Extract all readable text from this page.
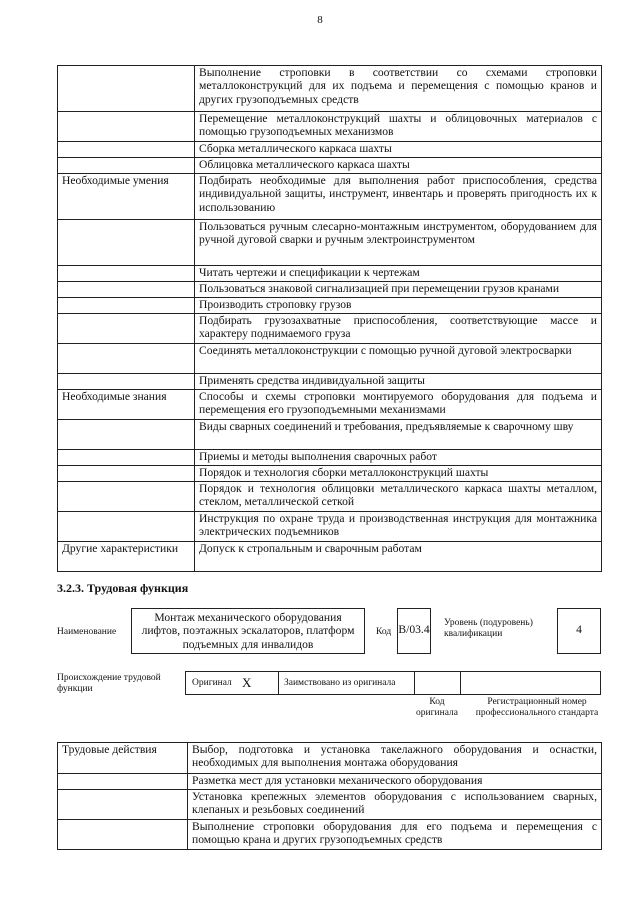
8
	Выполнение строповки в соответствии со схемами строповки металлоконструкций для их подъема и перемещения с помощью кранов и других грузоподъемных средств
	Перемещение металлоконструкций шахты и облицовочных материалов с помощью грузоподъемных механизмов
	Сборка металлического каркаса шахты
	Облицовка металлического каркаса шахты
Необходимые умения	Подбирать необходимые для выполнения работ приспособления, средства индивидуальной защиты, инструмент, инвентарь и проверять пригодность их к использованию
	Пользоваться ручным слесарно-монтажным инструментом, оборудованием для ручной дуговой сварки и ручным электроинструментом
	Читать чертежи и спецификации к чертежам
	Пользоваться знаковой сигнализацией при перемещении грузов кранами
	Производить строповку грузов
	Подбирать грузозахватные приспособления, соответствующие массе и характеру поднимаемого груза
	Соединять металлоконструкции с помощью ручной дуговой электросварки
	Применять средства индивидуальной защиты
Необходимые знания	Способы и схемы строповки монтируемого оборудования для подъема и перемещения его грузоподъемными механизмами
	Виды сварных соединений и требования, предъявляемые к сварочному шву
	Приемы и методы выполнения сварочных работ
	Порядок и технология сборки металлоконструкций шахты
	Порядок и технология облицовки металлического каркаса шахты металлом, стеклом, металлической сеткой
	Инструкция по охране труда и производственная инструкция для монтажника электрических подъемников
Другие характеристики	Допуск к стропальным и сварочным работам
3.2.3. Трудовая функция
Наименование
Монтаж механического оборудования лифтов, поэтажных эскалаторов, платформ подъемных для инвалидов
Код В/03.4 Уровень (подуровень) квалификации	4
Происхождение трудовой функции
Оригинал X	Заимствовано из оригинала
Код оригинала
Регистрационный номер профессионального стандарта
Трудовые действия	Выбор, подготовка и установка такелажного оборудования и оснастки, необходимых для выполнения монтажа оборудования
	Разметка мест для установки механического оборудования
	Установка крепежных элементов оборудования с использованием сварных, клепаных и резьбовых соединений
	Выполнение строповки оборудования для его подъема и перемещения с помощью крана и других грузоподъемных средств
